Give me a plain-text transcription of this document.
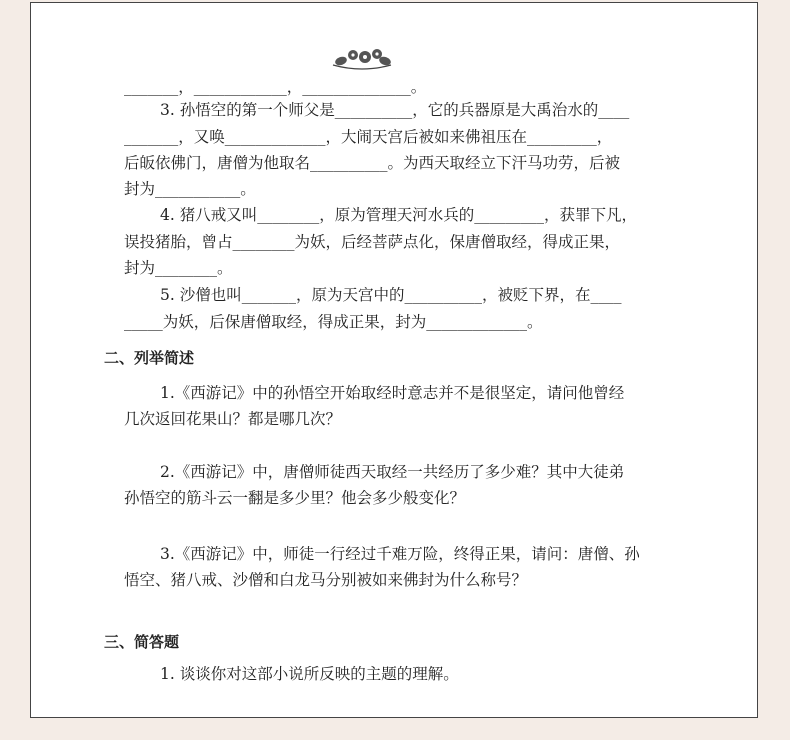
_______，____________，______________。
3. 孙悟空的第一个师父是__________，它的兵器原是大禹治水的____
_______，又唤_____________，大闹天宫后被如来佛祖压在_________，
后皈依佛门，唐僧为他取名__________。为西天取经立下汗马功劳，后被
封为___________。
4. 猪八戒又叫________，原为管理天河水兵的_________，获罪下凡，
误投猪胎，曾占________为妖，后经菩萨点化，保唐僧取经，得成正果，
封为________。
5. 沙僧也叫_______，原为天宫中的__________，被贬下界，在____
_____为妖，后保唐僧取经，得成正果，封为_____________。
二、列举简述
1.《西游记》中的孙悟空开始取经时意志并不是很坚定，请问他曾经
几次返回花果山？都是哪几次？
2.《西游记》中，唐僧师徒西天取经一共经历了多少难？其中大徒弟
孙悟空的筋斗云一翻是多少里？他会多少般变化？
3.《西游记》中，师徒一行经过千难万险，终得正果，请问：唐僧、孙
悟空、猪八戒、沙僧和白龙马分别被如来佛封为什么称号？
三、简答题
1. 谈谈你对这部小说所反映的主题的理解。
